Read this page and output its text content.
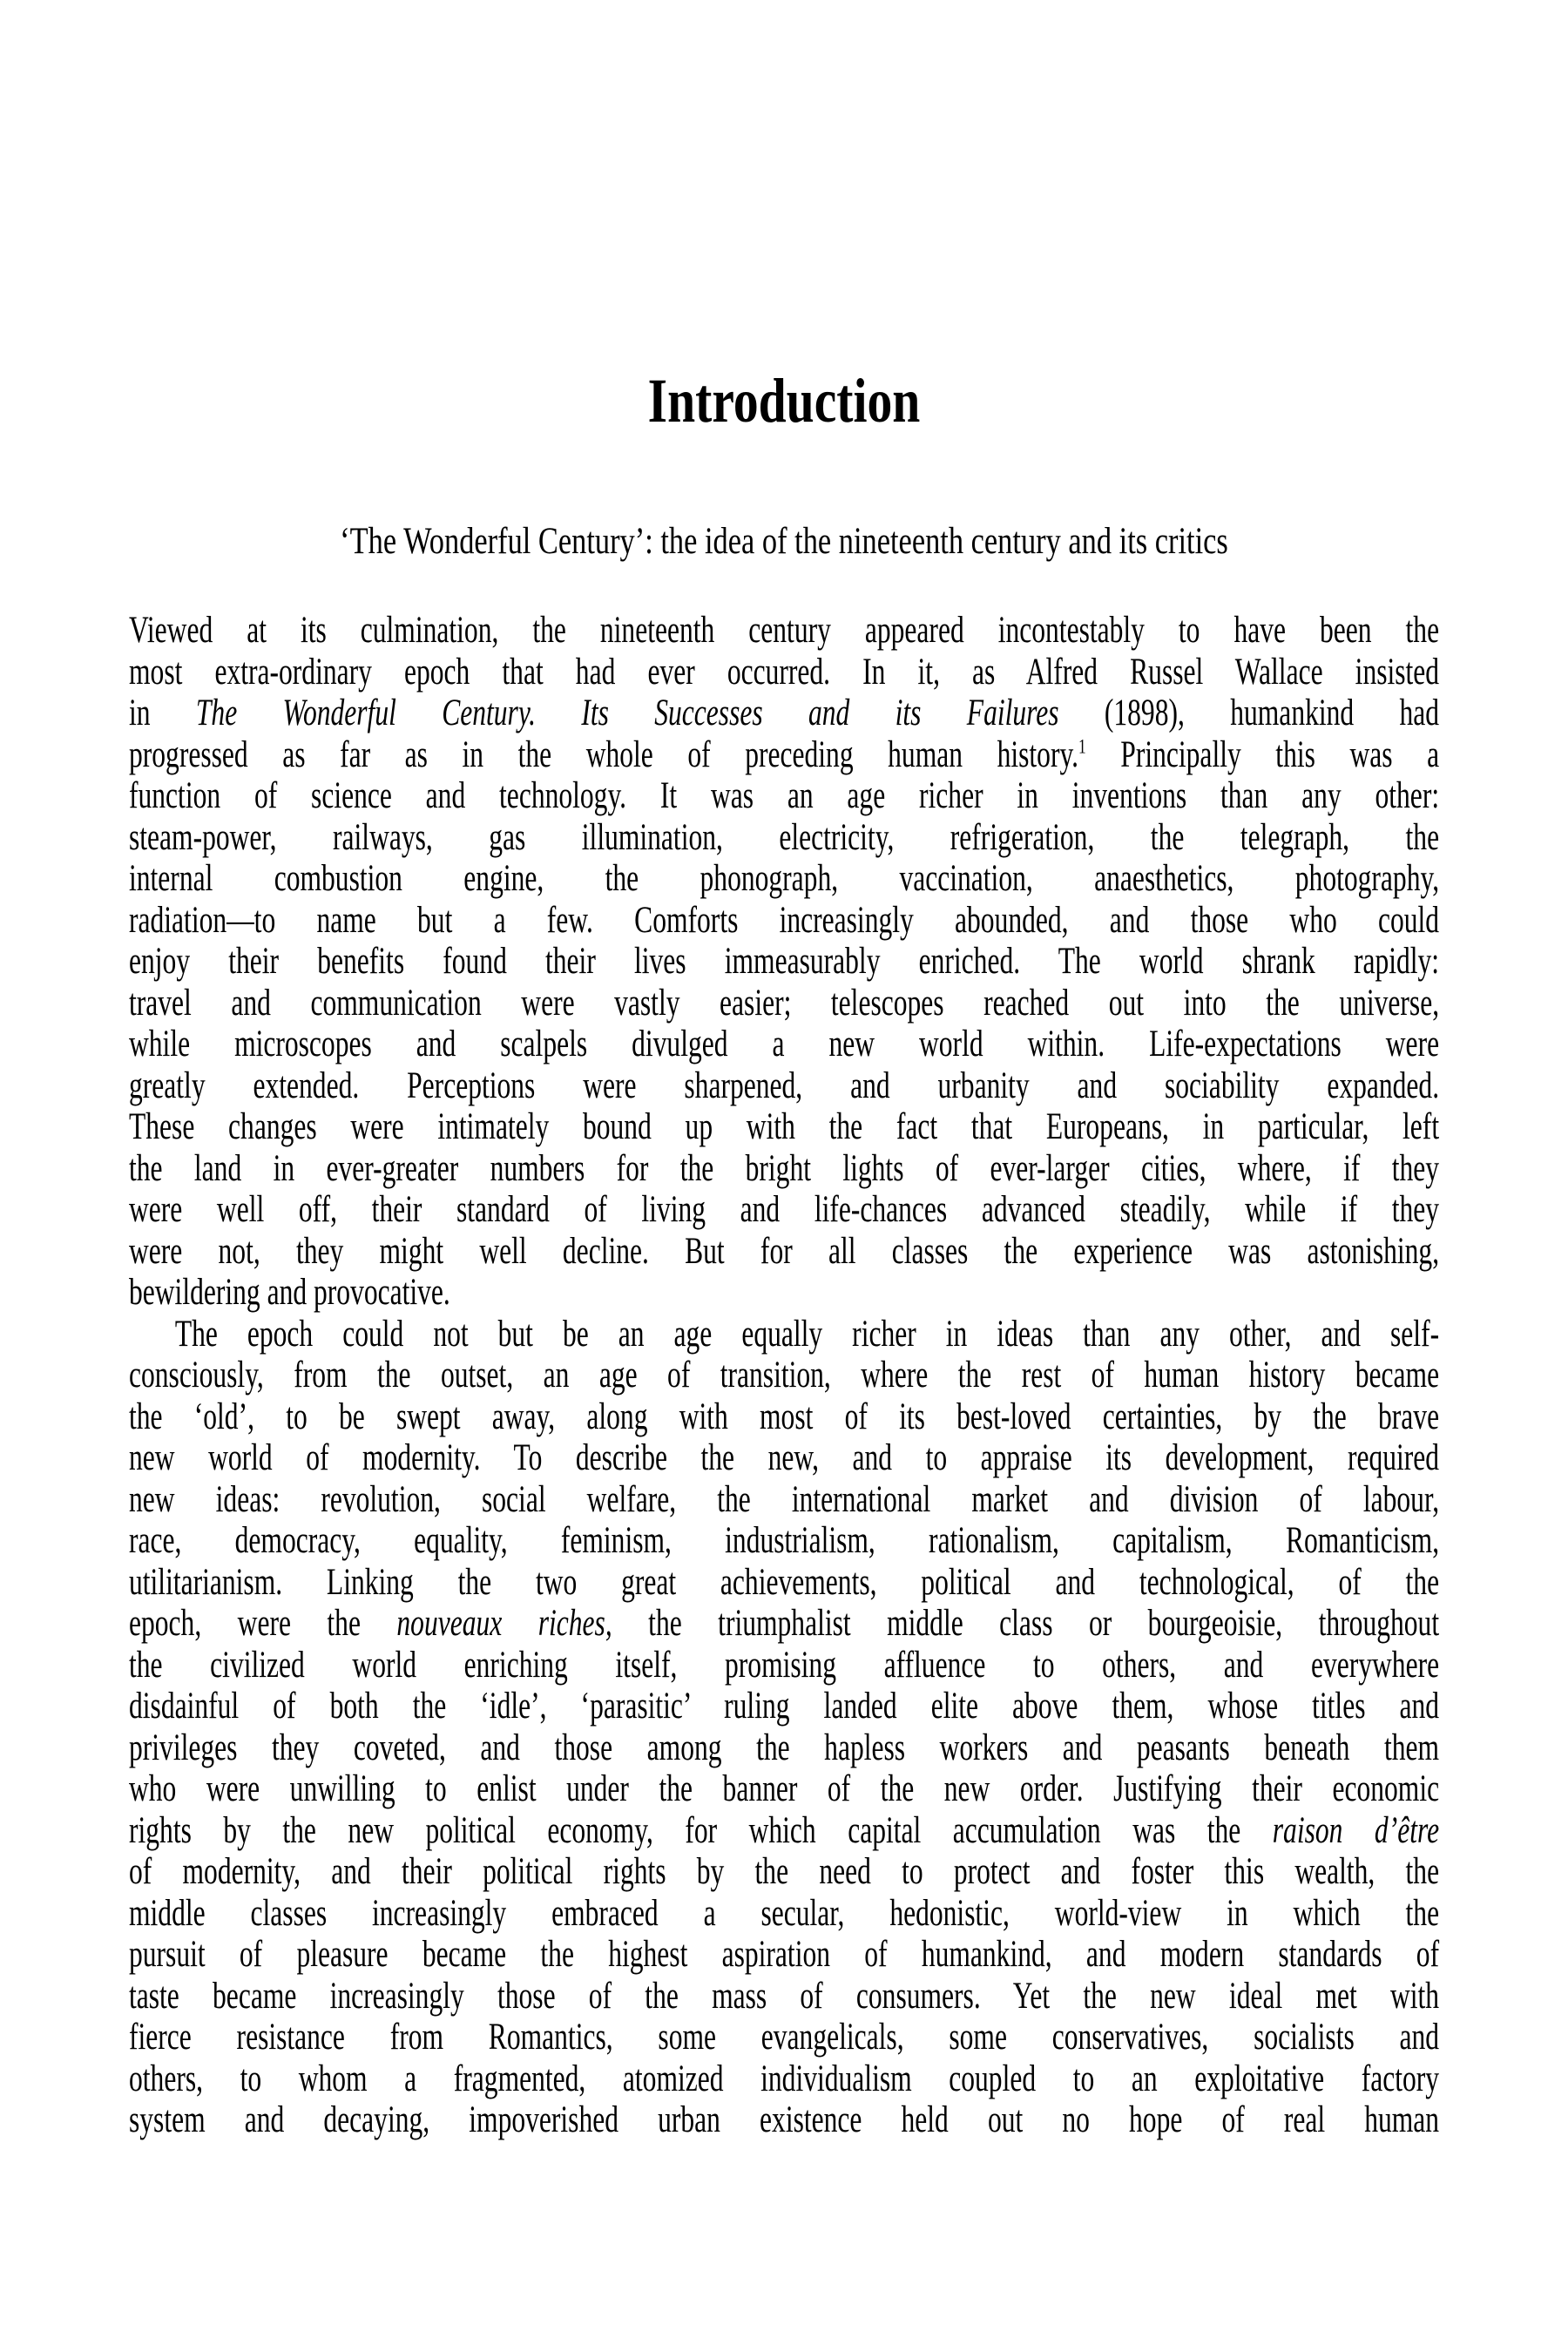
Introduction
‘The Wonderful Century’: the idea of the nineteenth century and its critics
Viewed at its culmination, the nineteenth century appeared incontestably to have been the
most extra-ordinary epoch that had ever occurred. In it, as Alfred Russel Wallace insisted
in The Wonderful Century. Its Successes and its Failures (1898), humankind had
progressed as far as in the whole of preceding human history.$^1$ Principally this was a
function of science and technology. It was an age richer in inventions than any other:
steam-power, railways, gas illumination, electricity, refrigeration, the telegraph, the
internal combustion engine, the phonograph, vaccination, anaesthetics, photography,
radiation—to name but a few. Comforts increasingly abounded, and those who could
enjoy their benefits found their lives immeasurably enriched. The world shrank rapidly:
travel and communication were vastly easier; telescopes reached out into the universe,
while microscopes and scalpels divulged a new world within. Life-expectations were
greatly extended. Perceptions were sharpened, and urbanity and sociability expanded.
These changes were intimately bound up with the fact that Europeans, in particular, left
the land in ever-greater numbers for the bright lights of ever-larger cities, where, if they
were well off, their standard of living and life-chances advanced steadily, while if they
were not, they might well decline. But for all classes the experience was astonishing,
bewildering and provocative.
The epoch could not but be an age equally richer in ideas than any other, and self-
consciously, from the outset, an age of transition, where the rest of human history became
the ‘old’, to be swept away, along with most of its best-loved certainties, by the brave
new world of modernity. To describe the new, and to appraise its development, required
new ideas: revolution, social welfare, the international market and division of labour,
race, democracy, equality, feminism, industrialism, rationalism, capitalism, Romanticism,
utilitarianism. Linking the two great achievements, political and technological, of the
epoch, were the nouveaux riches, the triumphalist middle class or bourgeoisie, throughout
the civilized world enriching itself, promising affluence to others, and everywhere
disdainful of both the ‘idle’, ‘parasitic’ ruling landed elite above them, whose titles and
privileges they coveted, and those among the hapless workers and peasants beneath them
who were unwilling to enlist under the banner of the new order. Justifying their economic
rights by the new political economy, for which capital accumulation was the raison d’être
of modernity, and their political rights by the need to protect and foster this wealth, the
middle classes increasingly embraced a secular, hedonistic, world-view in which the
pursuit of pleasure became the highest aspiration of humankind, and modern standards of
taste became increasingly those of the mass of consumers. Yet the new ideal met with
fierce resistance from Romantics, some evangelicals, some conservatives, socialists and
others, to whom a fragmented, atomized individualism coupled to an exploitative factory
system and decaying, impoverished urban existence held out no hope of real human
